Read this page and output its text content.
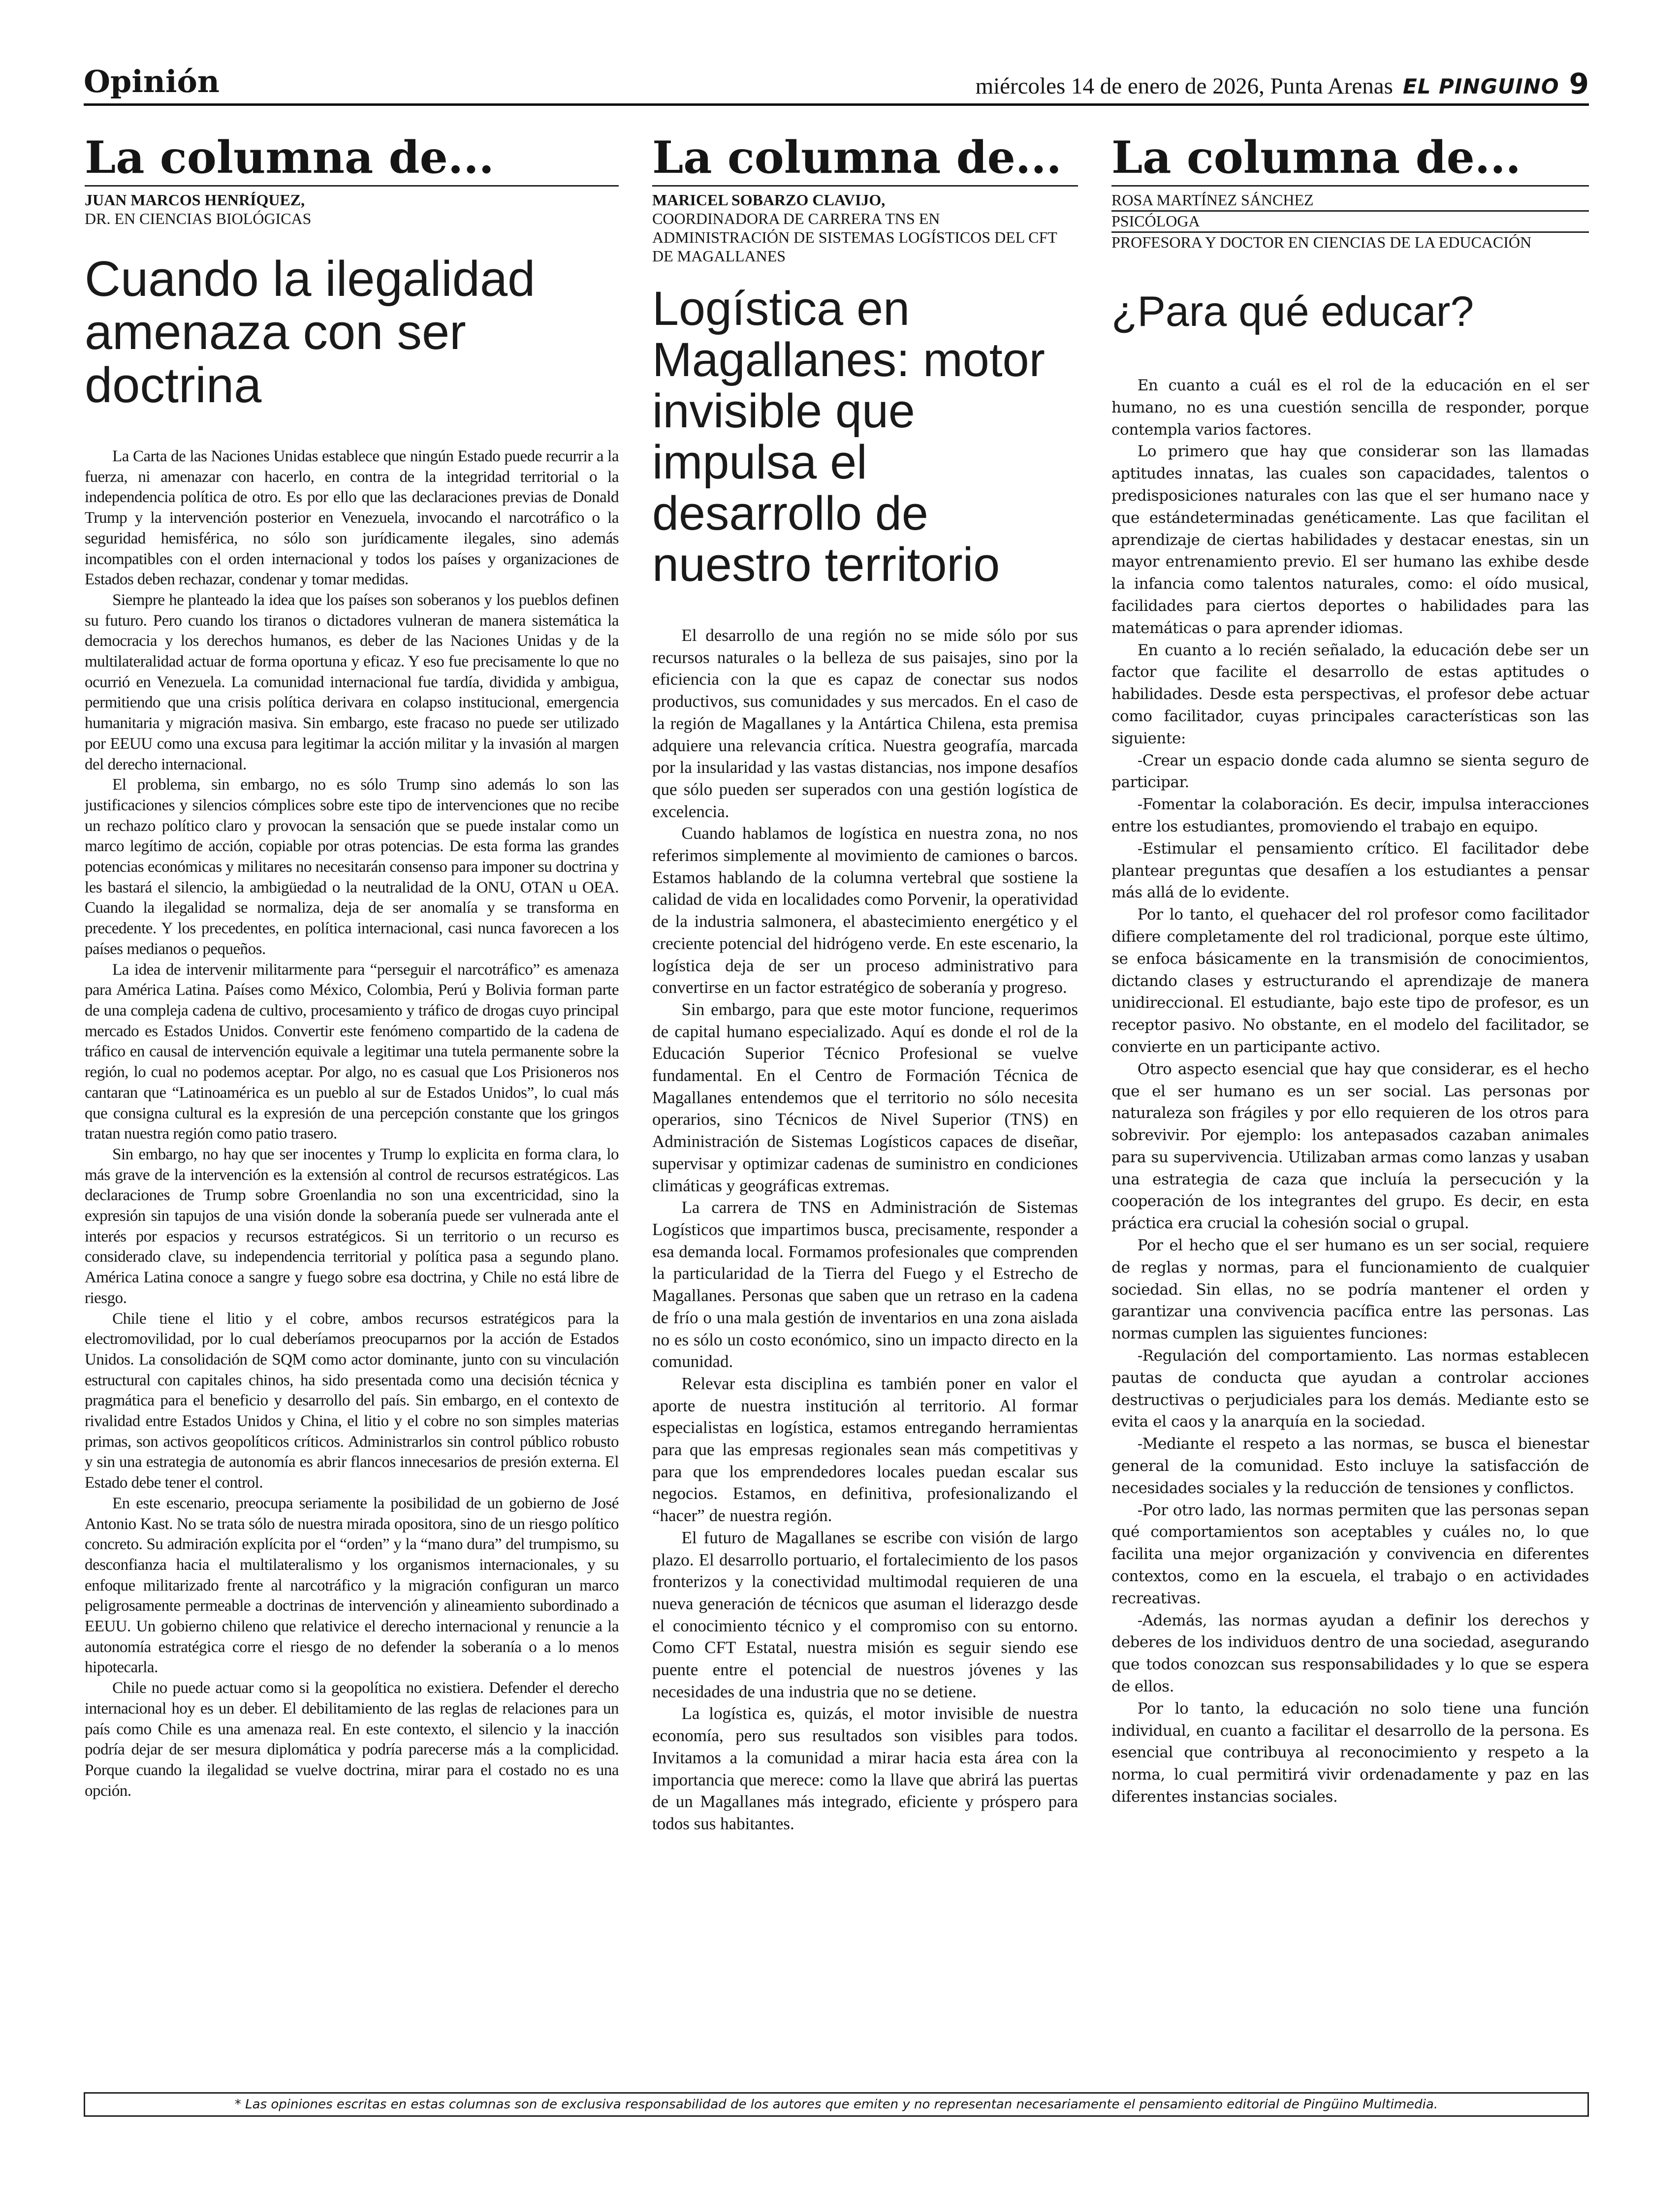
Opinión	miércoles 14 de enero de 2026, Punta Arenas EL PINGUINO 9
La columna de...
JUAN MARCOS HENRÍQUEZ,
DR. EN CIENCIAS BIOLÓGICAS
Cuando la ilegalidad amenaza con ser doctrina

La Carta de las Naciones Unidas establece que ningún Estado puede recurrir a la fuerza, ni amenazar con hacerlo, en contra de la integridad territorial o la independencia política de otro. Es por ello que las declaraciones previas de Donald Trump y la intervención posterior en Venezuela, invocando el narcotráfico o la seguridad hemisférica, no sólo son jurídicamente ilegales, sino además incompatibles con el orden internacional y todos los países y organizaciones de Estados deben rechazar, condenar y tomar medidas.

Siempre he planteado la idea que los países son soberanos y los pueblos definen su futuro. Pero cuando los tiranos o dictadores vulneran de manera sistemática la democracia y los derechos humanos, es deber de las Naciones Unidas y de la multilateralidad actuar de forma oportuna y eficaz. Y eso fue precisamente lo que no ocurrió en Venezuela. La comunidad internacional fue tardía, dividida y ambigua, permitiendo que una crisis política derivara en colapso institucional, emergencia humanitaria y migración masiva. Sin embargo, este fracaso no puede ser utilizado por EEUU como una excusa para legitimar la acción militar y la invasión al margen del derecho internacional.

El problema, sin embargo, no es sólo Trump sino además lo son las justificaciones y silencios cómplices sobre este tipo de intervenciones que no recibe un rechazo político claro y provocan la sensación que se puede instalar como un marco legítimo de acción, copiable por otras potencias. De esta forma las grandes potencias económicas y militares no necesitarán consenso para imponer su doctrina y les bastará el silencio, la ambigüedad o la neutralidad de la ONU, OTAN u OEA. Cuando la ilegalidad se normaliza, deja de ser anomalía y se transforma en precedente. Y los precedentes, en política internacional, casi nunca favorecen a los países medianos o pequeños.

La idea de intervenir militarmente para “perseguir el narcotráfico” es amenaza para América Latina. Países como México, Colombia, Perú y Bolivia forman parte de una compleja cadena de cultivo, procesamiento y tráfico de drogas cuyo principal mercado es Estados Unidos. Convertir este fenómeno compartido de la cadena de tráfico en causal de intervención equivale a legitimar una tutela permanente sobre la región, lo cual no podemos aceptar. Por algo, no es casual que Los Prisioneros nos cantaran que “Latinoamérica es un pueblo al sur de Estados Unidos”, lo cual más que consigna cultural es la expresión de una percepción constante que los gringos tratan nuestra región como patio trasero.

Sin embargo, no hay que ser inocentes y Trump lo explicita en forma clara, lo más grave de la intervención es la extensión al control de recursos estratégicos. Las declaraciones de Trump sobre Groenlandia no son una excentricidad, sino la expresión sin tapujos de una visión donde la soberanía puede ser vulnerada ante el interés por espacios y recursos estratégicos. Si un territorio o un recurso es considerado clave, su independencia territorial y política pasa a segundo plano. América Latina conoce a sangre y fuego sobre esa doctrina, y Chile no está libre de riesgo.

Chile tiene el litio y el cobre, ambos recursos estratégicos para la electromovilidad, por lo cual deberíamos preocuparnos por la acción de Estados Unidos. La consolidación de SQM como actor dominante, junto con su vinculación estructural con capitales chinos, ha sido presentada como una decisión técnica y pragmática para el beneficio y desarrollo del país. Sin embargo, en el contexto de rivalidad entre Estados Unidos y China, el litio y el cobre no son simples materias primas, son activos geopolíticos críticos. Administrarlos sin control público robusto y sin una estrategia de autonomía es abrir flancos innecesarios de presión externa. El Estado debe tener el control.

En este escenario, preocupa seriamente la posibilidad de un gobierno de José Antonio Kast. No se trata sólo de nuestra mirada opositora, sino de un riesgo político concreto. Su admiración explícita por el “orden” y la “mano dura” del trumpismo, su desconfianza hacia el multilateralismo y los organismos internacionales, y su enfoque militarizado frente al narcotráfico y la migración configuran un marco peligrosamente permeable a doctrinas de intervención y alineamiento subordinado a EEUU. Un gobierno chileno que relativice el derecho internacional y renuncie a la autonomía estratégica corre el riesgo de no defender la soberanía o a lo menos hipotecarla.

Chile no puede actuar como si la geopolítica no existiera. Defender el derecho internacional hoy es un deber. El debilitamiento de las reglas de relaciones para un país como Chile es una amenaza real. En este contexto, el silencio y la inacción podría dejar de ser mesura diplomática y podría parecerse más a la complicidad. Porque cuando la ilegalidad se vuelve doctrina, mirar para el costado no es una opción.

La columna de...
MARICEL SOBARZO CLAVIJO,
COORDINADORA DE CARRERA TNS EN ADMINISTRACIÓN DE SISTEMAS LOGÍSTICOS DEL CFT DE MAGALLANES
Logística en Magallanes: motor invisible que impulsa el desarrollo de nuestro territorio

El desarrollo de una región no se mide sólo por sus recursos naturales o la belleza de sus paisajes, sino por la eficiencia con la que es capaz de conectar sus nodos productivos, sus comunidades y sus mercados. En el caso de la región de Magallanes y la Antártica Chilena, esta premisa adquiere una relevancia crítica. Nuestra geografía, marcada por la insularidad y las vastas distancias, nos impone desafíos que sólo pueden ser superados con una gestión logística de excelencia.

Cuando hablamos de logística en nuestra zona, no nos referimos simplemente al movimiento de camiones o barcos. Estamos hablando de la columna vertebral que sostiene la calidad de vida en localidades como Porvenir, la operatividad de la industria salmonera, el abastecimiento energético y el creciente potencial del hidrógeno verde. En este escenario, la logística deja de ser un proceso administrativo para convertirse en un factor estratégico de soberanía y progreso.

Sin embargo, para que este motor funcione, requerimos de capital humano especializado. Aquí es donde el rol de la Educación Superior Técnico Profesional se vuelve fundamental. En el Centro de Formación Técnica de Magallanes entendemos que el territorio no sólo necesita operarios, sino Técnicos de Nivel Superior (TNS) en Administración de Sistemas Logísticos capaces de diseñar, supervisar y optimizar cadenas de suministro en condiciones climáticas y geográficas extremas.

La carrera de TNS en Administración de Sistemas Logísticos que impartimos busca, precisamente, responder a esa demanda local. Formamos profesionales que comprenden la particularidad de la Tierra del Fuego y el Estrecho de Magallanes. Personas que saben que un retraso en la cadena de frío o una mala gestión de inventarios en una zona aislada no es sólo un costo económico, sino un impacto directo en la comunidad.

Relevar esta disciplina es también poner en valor el aporte de nuestra institución al territorio. Al formar especialistas en logística, estamos entregando herramientas para que las empresas regionales sean más competitivas y para que los emprendedores locales puedan escalar sus negocios. Estamos, en definitiva, profesionalizando el “hacer” de nuestra región.

El futuro de Magallanes se escribe con visión de largo plazo. El desarrollo portuario, el fortalecimiento de los pasos fronterizos y la conectividad multimodal requieren de una nueva generación de técnicos que asuman el liderazgo desde el conocimiento técnico y el compromiso con su entorno. Como CFT Estatal, nuestra misión es seguir siendo ese puente entre el potencial de nuestros jóvenes y las necesidades de una industria que no se detiene.

La logística es, quizás, el motor invisible de nuestra economía, pero sus resultados son visibles para todos. Invitamos a la comunidad a mirar hacia esta área con la importancia que merece: como la llave que abrirá las puertas de un Magallanes más integrado, eficiente y próspero para todos sus habitantes.

La columna de...
ROSA MARTÍNEZ SÁNCHEZ
PSICÓLOGA
PROFESORA Y DOCTOR EN CIENCIAS DE LA EDUCACIÓN
¿Para qué educar?

En cuanto a cuál es el rol de la educación en el ser humano, no es una cuestión sencilla de responder, porque contempla varios factores.

Lo primero que hay que considerar son las llamadas aptitudes innatas, las cuales son capacidades, talentos o predisposiciones naturales con las que el ser humano nace y que estándeterminadas genéticamente. Las que facilitan el aprendizaje de ciertas habilidades y destacar enestas, sin un mayor entrenamiento previo. El ser humano las exhibe desde la infancia como talentos naturales, como: el oído musical, facilidades para ciertos deportes o habilidades para las matemáticas o para aprender idiomas.

En cuanto a lo recién señalado, la educación debe ser un factor que facilite el desarrollo de estas aptitudes o habilidades. Desde esta perspectivas, el profesor debe actuar como facilitador, cuyas principales características son las siguiente:

-Crear un espacio donde cada alumno se sienta seguro de participar.

-Fomentar la colaboración. Es decir, impulsa interacciones entre los estudiantes, promoviendo el trabajo en equipo.

-Estimular el pensamiento crítico. El facilitador debe plantear preguntas que desafíen a los estudiantes a pensar más allá de lo evidente.

Por lo tanto, el quehacer del rol profesor como facilitador difiere completamente del rol tradicional, porque este último, se enfoca básicamente en la transmisión de conocimientos, dictando clases y estructurando el aprendizaje de manera unidireccional. El estudiante, bajo este tipo de profesor, es un receptor pasivo. No obstante, en el modelo del facilitador, se convierte en un participante activo.

Otro aspecto esencial que hay que considerar, es el hecho que el ser humano es un ser social. Las personas por naturaleza son frágiles y por ello requieren de los otros para sobrevivir. Por ejemplo: los antepasados cazaban animales para su supervivencia. Utilizaban armas como lanzas y usaban una estrategia de caza que incluía la persecución y la cooperación de los integrantes del grupo. Es decir, en esta práctica era crucial la cohesión social o grupal.

Por el hecho que el ser humano es un ser social, requiere de reglas y normas, para el funcionamiento de cualquier sociedad. Sin ellas, no se podría mantener el orden y garantizar una convivencia pacífica entre las personas. Las normas cumplen las siguientes funciones:

-Regulación del comportamiento. Las normas establecen pautas de conducta que ayudan a controlar acciones destructivas o perjudiciales para los demás. Mediante esto se evita el caos y la anarquía en la sociedad.

-Mediante el respeto a las normas, se busca el bienestar general de la comunidad. Esto incluye la satisfacción de necesidades sociales y la reducción de tensiones y conflictos.

-Por otro lado, las normas permiten que las personas sepan qué comportamientos son aceptables y cuáles no, lo que facilita una mejor organización y convivencia en diferentes contextos, como en la escuela, el trabajo o en actividades recreativas.

-Además, las normas ayudan a definir los derechos y deberes de los individuos dentro de una sociedad, asegurando que todos conozcan sus responsabilidades y lo que se espera de ellos.

Por lo tanto, la educación no solo tiene una función individual, en cuanto a facilitar el desarrollo de la persona. Es esencial que contribuya al reconocimiento y respeto a la norma, lo cual permitirá vivir ordenadamente y paz en las diferentes instancias sociales.

* Las opiniones escritas en estas columnas son de exclusiva responsabilidad de los autores que emiten y no representan necesariamente el pensamiento editorial de Pingüino Multimedia.
